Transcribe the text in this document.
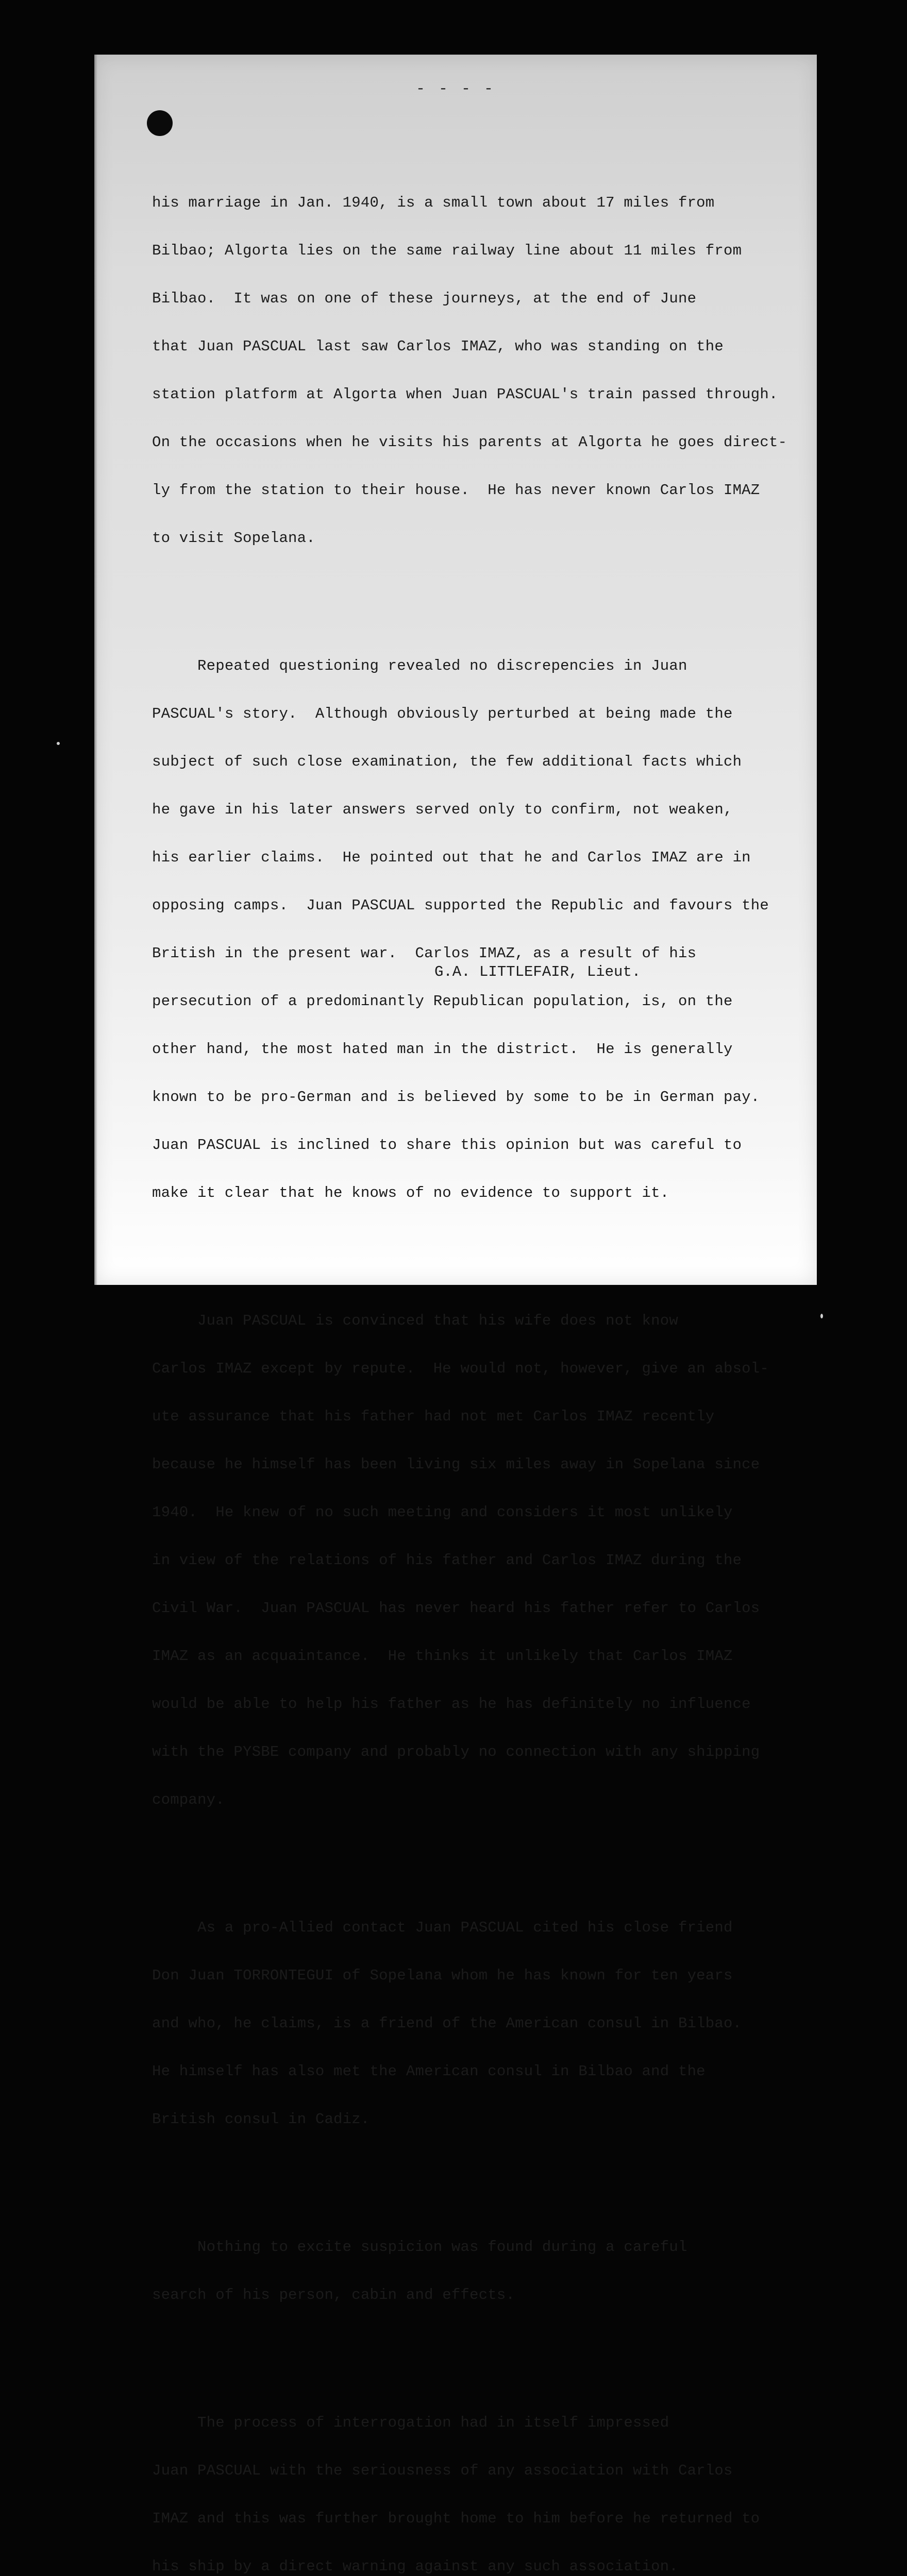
- - - -

his marriage in Jan. 1940, is a small town about 17 miles from

Bilbao; Algorta lies on the same railway line about 11 miles from

Bilbao.  It was on one of these journeys, at the end of June

that Juan PASCUAL last saw Carlos IMAZ, who was standing on the

station platform at Algorta when Juan PASCUAL's train passed through.

On the occasions when he visits his parents at Algorta he goes direct-

ly from the station to their house.  He has never known Carlos IMAZ

to visit Sopelana.

Repeated questioning revealed no discrepencies in Juan

PASCUAL's story.  Although obviously perturbed at being made the

subject of such close examination, the few additional facts which

he gave in his later answers served only to confirm, not weaken,

his earlier claims.  He pointed out that he and Carlos IMAZ are in

opposing camps.  Juan PASCUAL supported the Republic and favours the

British in the present war.  Carlos IMAZ, as a result of his

persecution of a predominantly Republican population, is, on the

other hand, the most hated man in the district.  He is generally

known to be pro-German and is believed by some to be in German pay.

Juan PASCUAL is inclined to share this opinion but was careful to

make it clear that he knows of no evidence to support it.

Juan PASCUAL is convinced that his wife does not know

Carlos IMAZ except by repute.  He would not, however, give an absol-

ute assurance that his father had not met Carlos IMAZ recently

because he himself has been living six miles away in Sopelana since

1940.  He knew of no such meeting and considers it most unlikely

in view of the relations of his father and Carlos IMAZ during the

Civil War.  Juan PASCUAL has never heard his father refer to Carlos

IMAZ as an acquaintance.  He thinks it unlikely that Carlos IMAZ

would be able to help his father as he has definitely no influence

with the PYSBE company and probably no connection with any shipping

company.

As a pro-Allied contact Juan PASCUAL cited his close friend

Don Juan TORRONTEGUI of Sopelana whom he has known for ten years

and who, he claims, is a friend of the American consul in Bilbao.

He himself has also met the American consul in Bilbao and the

British consul in Cadiz.

Nothing to excite suspicion was found during a careful

search of his person, cabin and effects.

The process of interrogation had in itself impressed

Juan PASCUAL with the seriousness of any association with Carlos

IMAZ and this was further brought home to him before he returned to

his ship by a direct warning against any such association.

G.A. LITTLEFAIR, Lieut.
